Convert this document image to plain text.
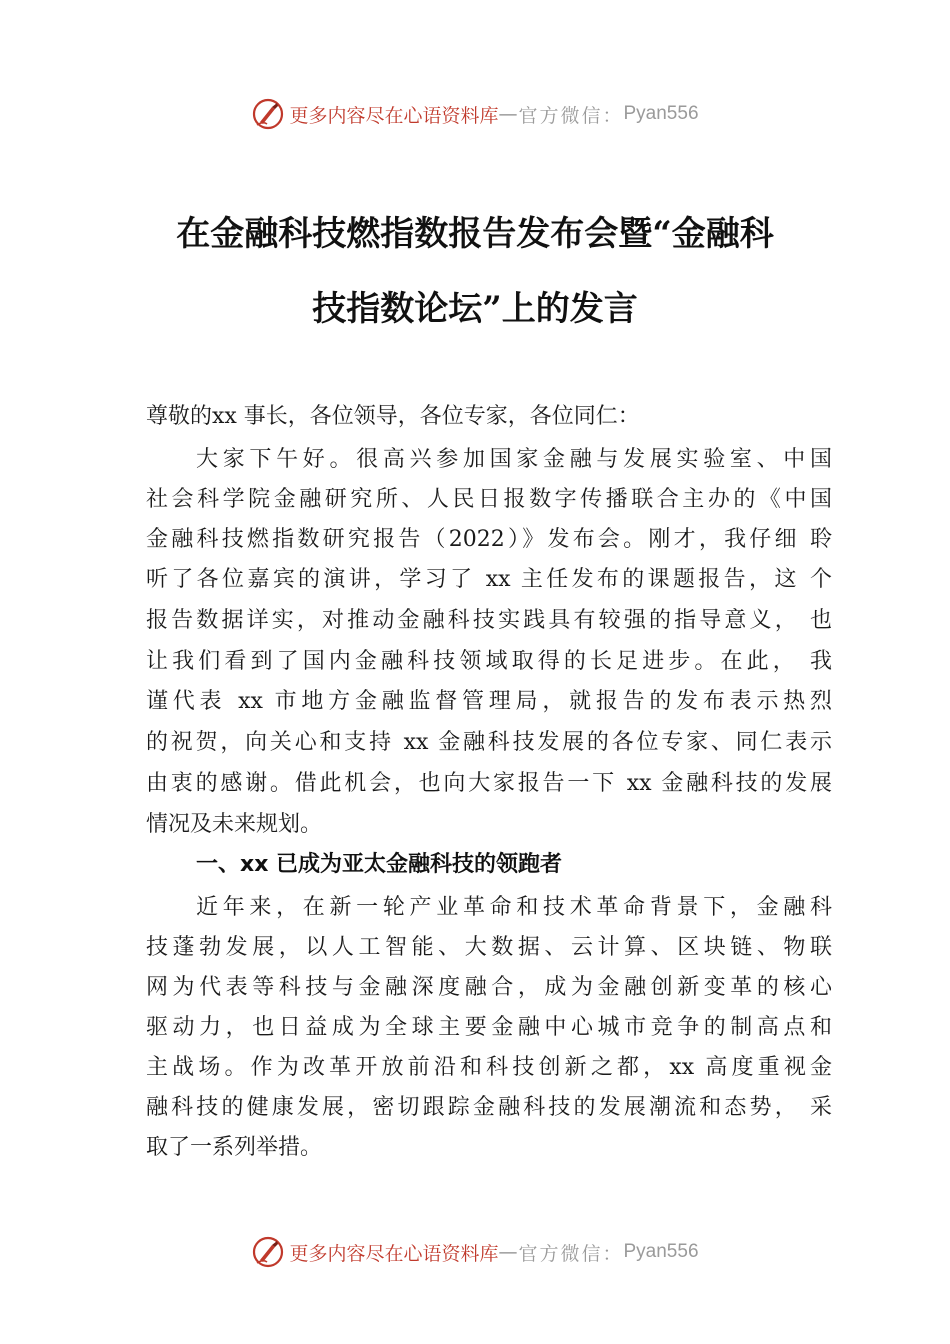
更多内容尽在心语资料库 — 官方微信： Pyan556
在金融科技燃指数报告发布会暨“金融科
技指数论坛”上的发言
尊敬的xx 事长，各位领导，各位专家，各位同仁：
大家下午好。很高兴参加国家金融与发展实验室、中国
社会科学院金融研究所、人民日报数字传播联合主办的《中国
金融科技燃指数研究报告（2022）》发布会。刚才，我仔细 聆
听了各位嘉宾的演讲，学习了 xx 主任发布的课题报告，这 个
报告数据详实，对推动金融科技实践具有较强的指导意义， 也
让我们看到了国内金融科技领域取得的长足进步。在此， 我
谨代表 xx 市地方金融监督管理局，就报告的发布表示热烈
的祝贺，向关心和支持 xx 金融科技发展的各位专家、同仁表示
由衷的感谢。借此机会，也向大家报告一下 xx 金融科技的发展
情况及未来规划。
一、xx 已成为亚太金融科技的领跑者
近年来，在新一轮产业革命和技术革命背景下，金融科
技蓬勃发展，以人工智能、大数据、云计算、区块链、物联
网为代表等科技与金融深度融合，成为金融创新变革的核心
驱动力，也日益成为全球主要金融中心城市竞争的制高点和
主战场。作为改革开放前沿和科技创新之都，xx 高度重视金
融科技的健康发展，密切跟踪金融科技的发展潮流和态势， 采
取了一系列举措。
更多内容尽在心语资料库 — 官方微信： Pyan556
